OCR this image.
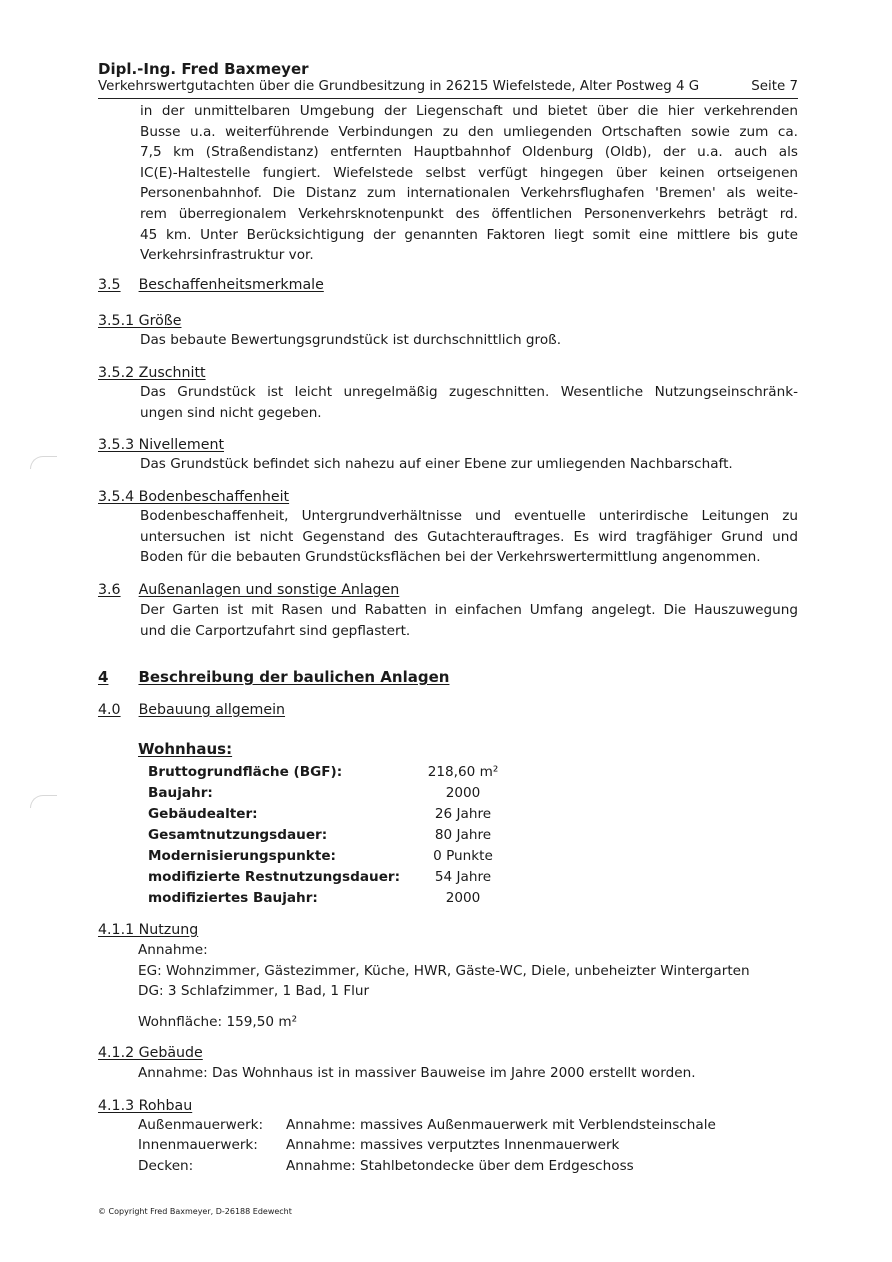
Dipl.-Ing. Fred Baxmeyer
Verkehrswertgutachten über die Grundbesitzung in 26215 Wiefelstede, Alter Postweg 4 G	Seite 7
in der unmittelbaren Umgebung der Liegenschaft und bietet über die hier verkehrenden
Busse u.a. weiterführende Verbindungen zu den umliegenden Ortschaften sowie zum ca.
7,5 km (Straßendistanz) entfernten Hauptbahnhof Oldenburg (Oldb), der u.a. auch als
IC(E)-Haltestelle fungiert. Wiefelstede selbst verfügt hingegen über keinen ortseigenen
Personenbahnhof. Die Distanz zum internationalen Verkehrsflughafen 'Bremen' als weite-
rem überregionalem Verkehrsknotenpunkt des öffentlichen Personenverkehrs beträgt rd.
45 km. Unter Berücksichtigung der genannten Faktoren liegt somit eine mittlere bis gute
Verkehrsinfrastruktur vor.
3.5 Beschaffenheitsmerkmale
3.5.1 Größe
Das bebaute Bewertungsgrundstück ist durchschnittlich groß.
3.5.2 Zuschnitt
Das Grundstück ist leicht unregelmäßig zugeschnitten. Wesentliche Nutzungseinschränk-
ungen sind nicht gegeben.
3.5.3 Nivellement
Das Grundstück befindet sich nahezu auf einer Ebene zur umliegenden Nachbarschaft.
3.5.4 Bodenbeschaffenheit
Bodenbeschaffenheit, Untergrundverhältnisse und eventuelle unterirdische Leitungen zu
untersuchen ist nicht Gegenstand des Gutachterauftrages. Es wird tragfähiger Grund und
Boden für die bebauten Grundstücksflächen bei der Verkehrswertermittlung angenommen.
3.6 Außenanlagen und sonstige Anlagen
Der Garten ist mit Rasen und Rabatten in einfachen Umfang angelegt. Die Hauszuwegung
und die Carportzufahrt sind gepflastert.
4 Beschreibung der baulichen Anlagen
4.0 Bebauung allgemein
Wohnhaus:
Bruttogrundfläche (BGF):	218,60 m²
Baujahr:	2000
Gebäudealter:	26 Jahre
Gesamtnutzungsdauer:	80 Jahre
Modernisierungspunkte:	0 Punkte
modifizierte Restnutzungsdauer:	54 Jahre
modifiziertes Baujahr:	2000
4.1.1 Nutzung
Annahme:
EG: Wohnzimmer, Gästezimmer, Küche, HWR, Gäste-WC, Diele, unbeheizter Wintergarten
DG: 3 Schlafzimmer, 1 Bad, 1 Flur
Wohnfläche: 159,50 m²
4.1.2 Gebäude
Annahme: Das Wohnhaus ist in massiver Bauweise im Jahre 2000 erstellt worden.
4.1.3 Rohbau
Außenmauerwerk: Annahme: massives Außenmauerwerk mit Verblendsteinschale
Innenmauerwerk: Annahme: massives verputztes Innenmauerwerk
Decken:	Annahme: Stahlbetondecke über dem Erdgeschoss
© Copyright Fred Baxmeyer, D-26188 Edewecht
